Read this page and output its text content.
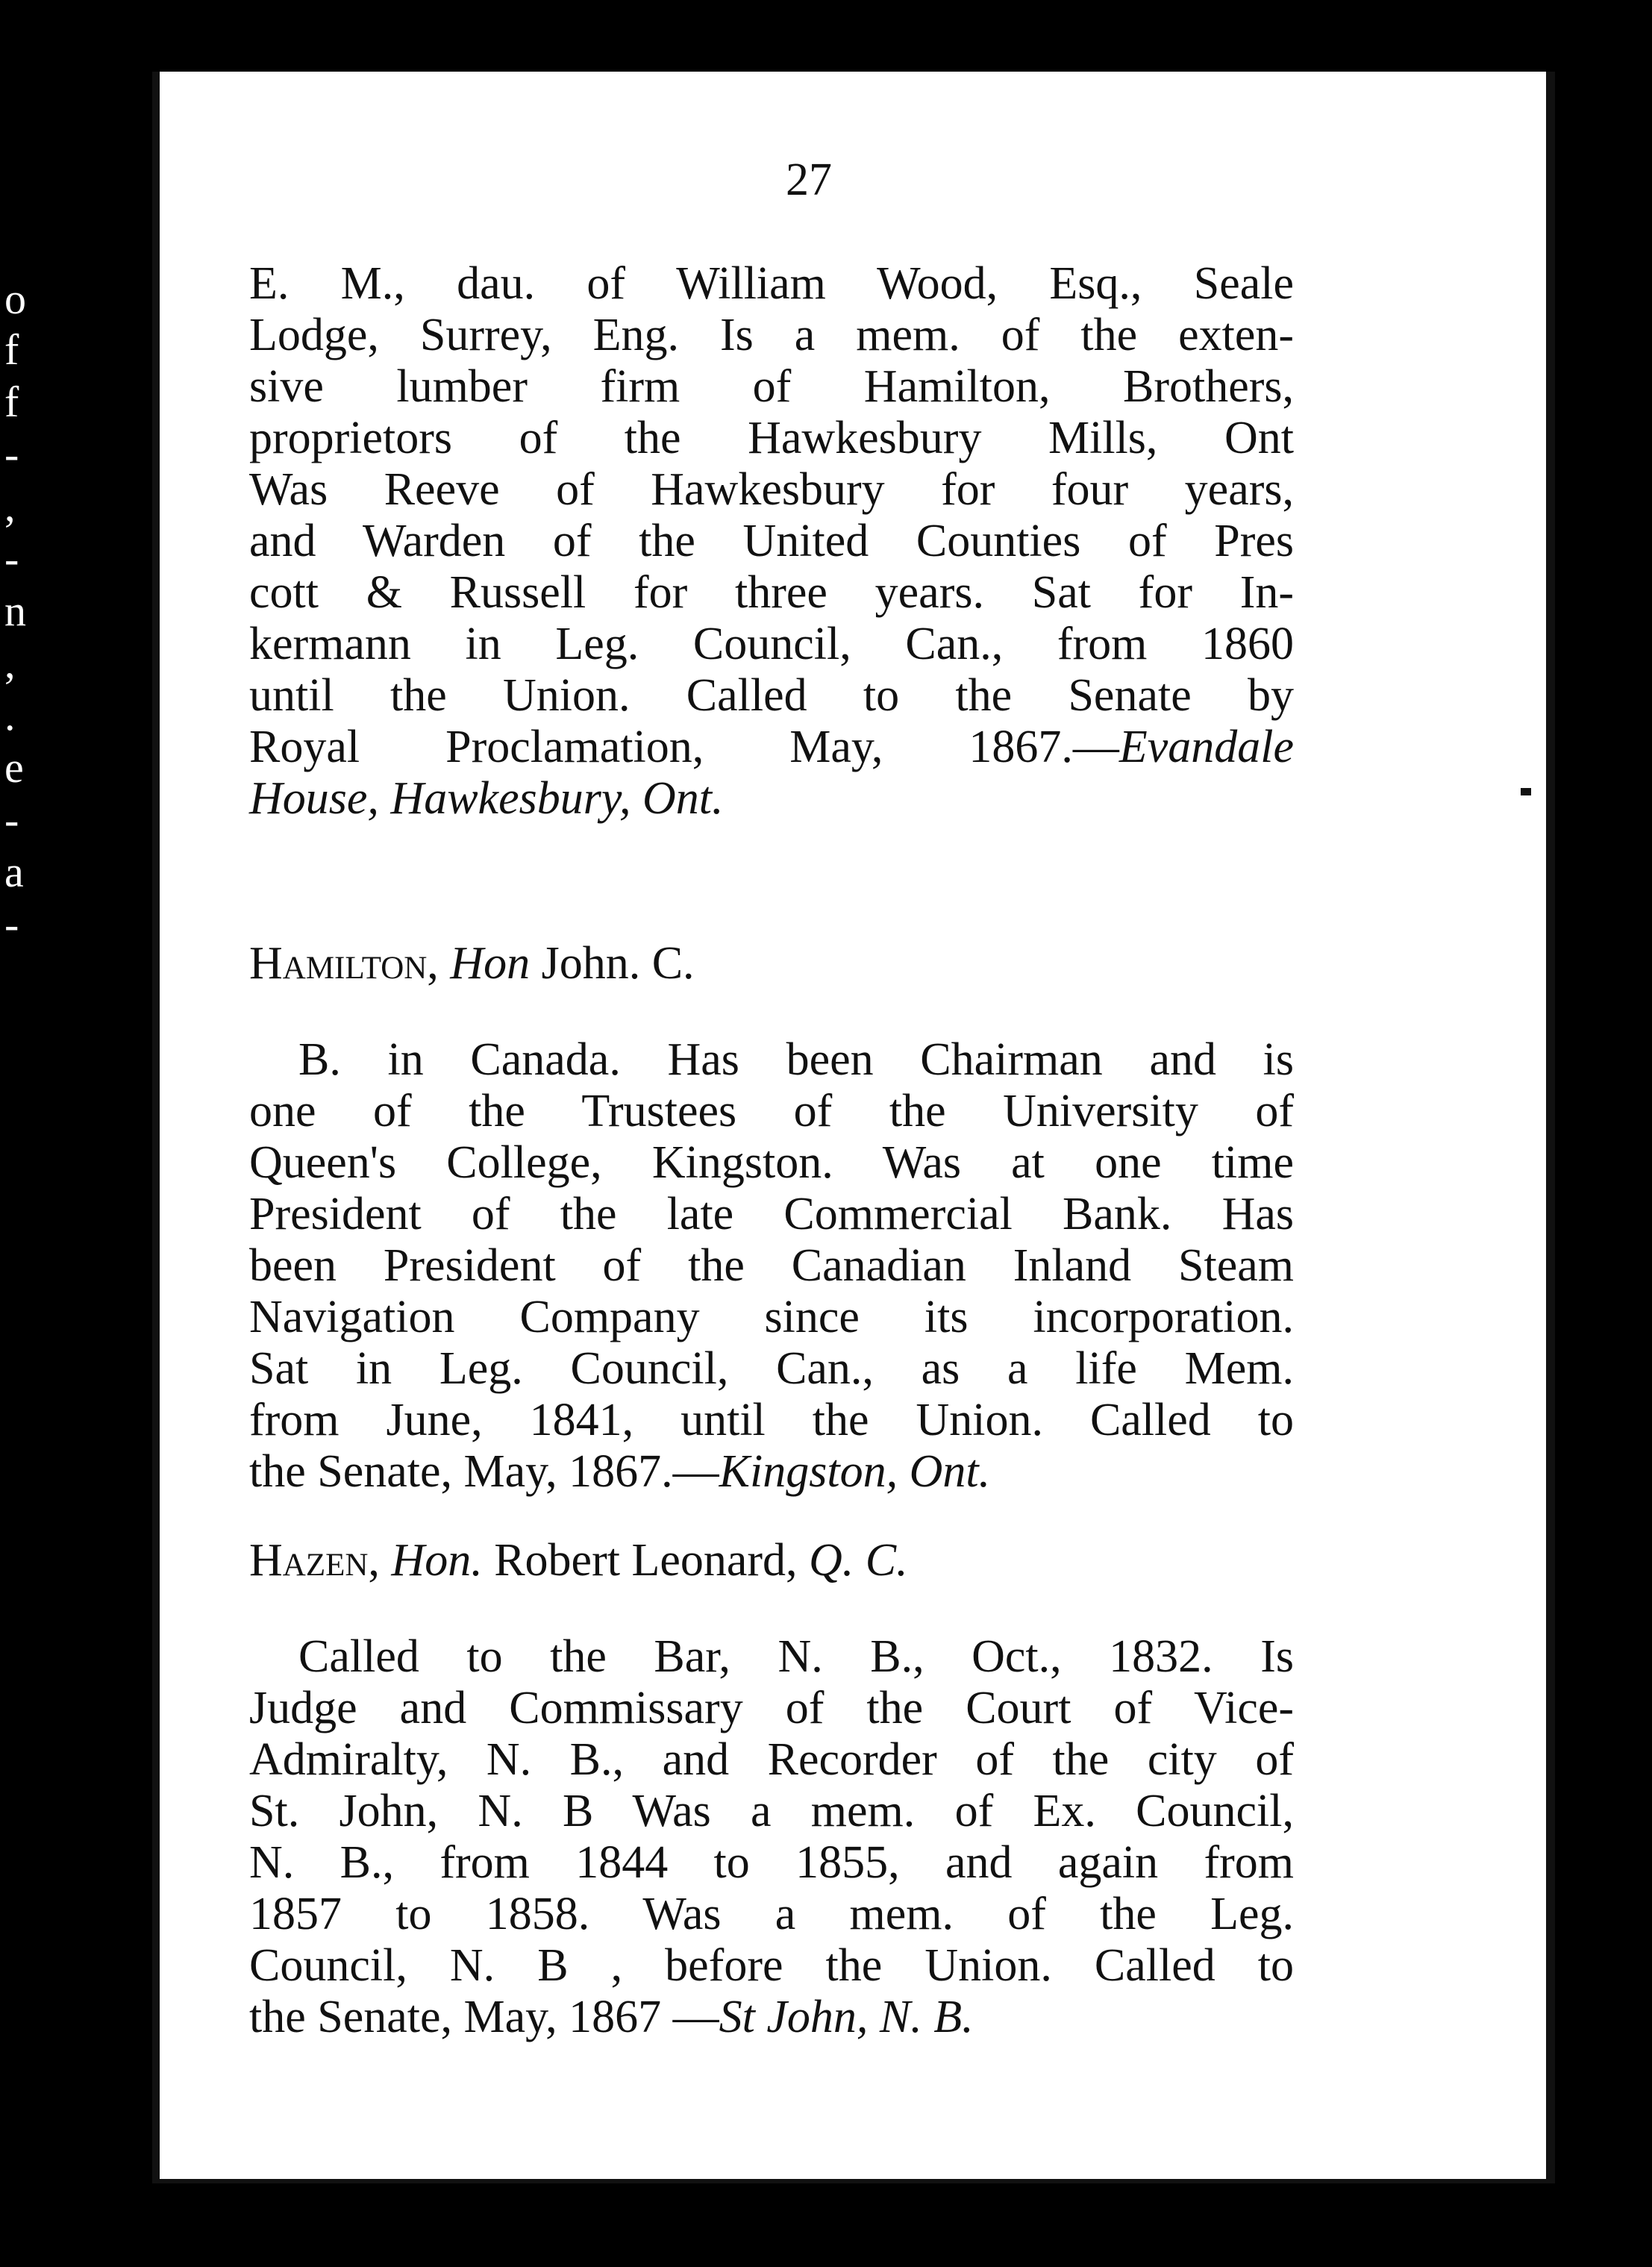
o
f
f
-
,
-
n
,
.
e
-
a
-
27
E. M., dau. of William Wood, Esq., Seale
Lodge, Surrey, Eng. Is a mem. of the exten-
sive lumber firm of Hamilton, Brothers,
proprietors of the Hawkesbury Mills, Ont
Was Reeve of Hawkesbury for four years,
and Warden of the United Counties of Pres
cott & Russell for three years. Sat for In-
kermann in Leg. Council, Can., from 1860
until the Union. Called to the Senate by
Royal Proclamation, May, 1867.—Evandale
House, Hawkesbury, Ont.
Hamilton, Hon John. C.
B. in Canada. Has been Chairman and is
one of the Trustees of the University of
Queen's College, Kingston. Was at one time
President of the late Commercial Bank. Has
been President of the Canadian Inland Steam
Navigation Company since its incorporation.
Sat in Leg. Council, Can., as a life Mem.
from June, 1841, until the Union. Called to
the Senate, May, 1867.—Kingston, Ont.
Hazen, Hon. Robert Leonard, Q. C.
Called to the Bar, N. B., Oct., 1832. Is
Judge and Commissary of the Court of Vice-
Admiralty, N. B., and Recorder of the city of
St. John, N. B Was a mem. of Ex. Council,
N. B., from 1844 to 1855, and again from
1857 to 1858. Was a mem. of the Leg.
Council, N. B , before the Union. Called to
the Senate, May, 1867 —St John, N. B.
